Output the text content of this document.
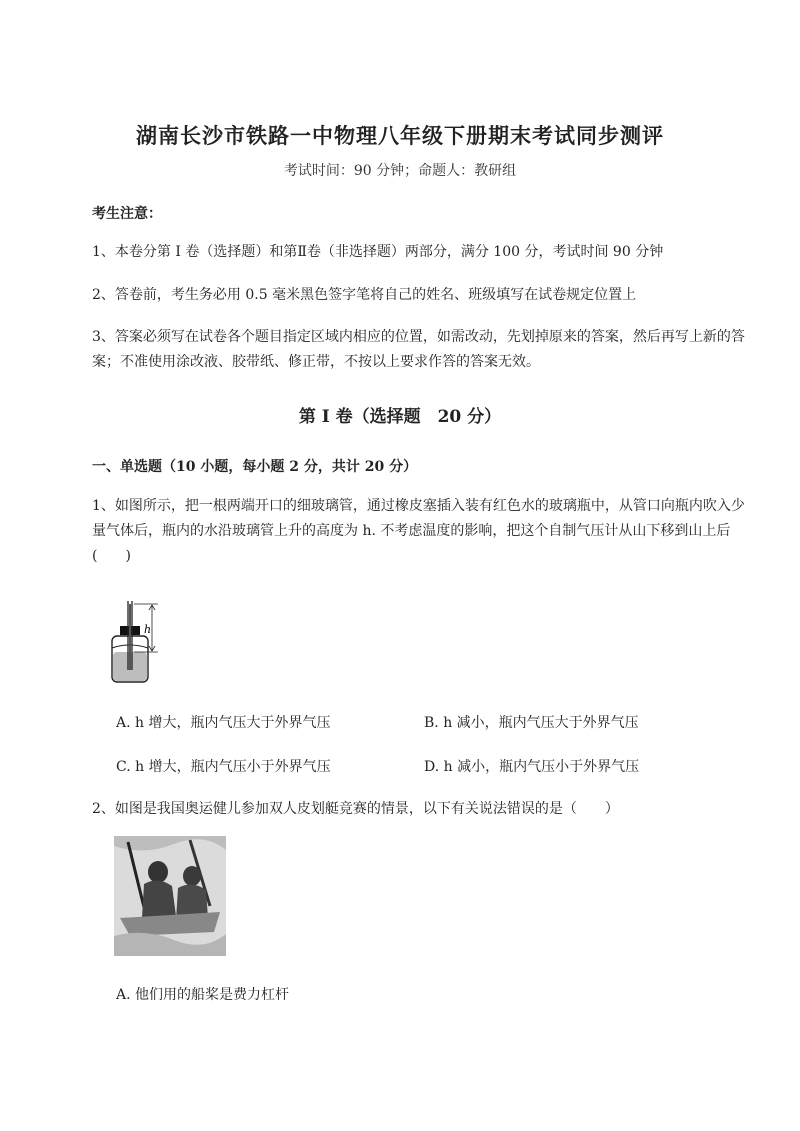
湖南长沙市铁路一中物理八年级下册期末考试同步测评
考试时间：90 分钟；命题人：教研组
考生注意：
1、本卷分第 I 卷（选择题）和第Ⅱ卷（非选择题）两部分，满分 100 分，考试时间 90 分钟
2、答卷前，考生务必用 0.5 毫米黑色签字笔将自己的姓名、班级填写在试卷规定位置上
3、答案必须写在试卷各个题目指定区域内相应的位置，如需改动，先划掉原来的答案，然后再写上新的答案；不准使用涂改液、胶带纸、修正带，不按以上要求作答的答案无效。
第 I 卷（选择题　20 分）
一、单选题（10 小题，每小题 2 分，共计 20 分）
1、如图所示，把一根两端开口的细玻璃管，通过橡皮塞插入装有红色水的玻璃瓶中，从管口向瓶内吹入少量气体后，瓶内的水沿玻璃管上升的高度为 h. 不考虑温度的影响，把这个自制气压计从山下移到山上后(　　)
h
A. h 增大，瓶内气压大于外界气压	B. h 减小，瓶内气压大于外界气压
C. h 增大，瓶内气压小于外界气压	D. h 减小，瓶内气压小于外界气压
2、如图是我国奥运健儿参加双人皮划艇竞赛的情景，以下有关说法错误的是（　　）
A. 他们用的船桨是费力杠杆
